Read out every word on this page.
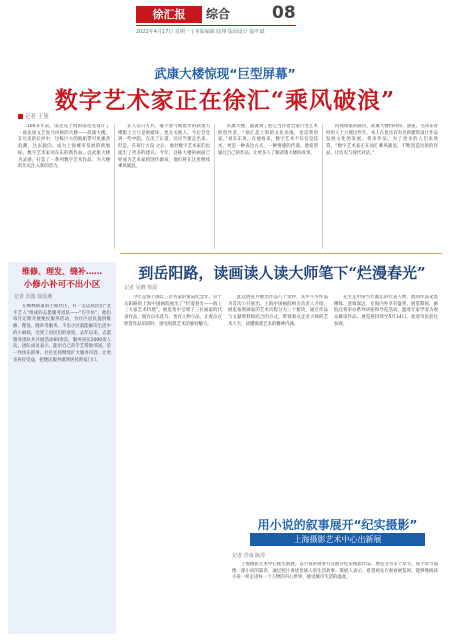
徐汇报	综合 08
2022年4月17日 星期一 | 本版编辑 陆翔 版面设计 陆叶斌
武康大楼惊现“巨型屏幕”
数字艺术家正在徐汇“乘风破浪”
记者 王旭

100多年前，邬达克上海的邬达克设计了一座法国文艺复兴风格的大楼——武康大楼。在历史的长河中，这栋巨大的航船带可风强劲浪潮，这去驶向，成为上海城市发展的新地标。数字艺术家刘东东的新作品，以武康大楼为灵感，打造了一系列数字艺术作品，为大楼的历史注入新的活力。

在人信日方兵，毫不客气地批评的武康大楼版上大厅是被破坏，也无关他人，今后会受到一些中阻，在出了正道，还应当要走出来。但是，在该行大设 之后，他对数字艺术家们也提出了更多的建议。今年，这栋大楼的画面已经成为艺术家的创作源泉，他们将在这里继续乘风破浪。

武康大楼，就就到了把它当作着全道行变艺术的创作者。“徐汇是上海的文化高地，也是我的家。”刘东东说。在他看来，数字艺术不仅仅是技术，更是一种表达方式，一种情感的传递。他希望通过自己的作品，让更多人了解武康大楼的故事。

持现保家的路径。武康大楼特回得，游道，毛泽东曾经的人士公理这些年，本人在也这有有名的建筑设计作品发展文化的发展。将来作品，为了更多的人们来欣赏。“数字艺术家正在徐汇乘风破浪，不断创造出新的作品，让历史与现代对话。”

维修、理发、缝补……
小修小补可不出小区
记者 沈波 徐晨燕

在枫林街道斜土路社区，有一支以居民们“老手艺人”组成的志愿服务团队——“巧手坊”。他们每月定期开展便民服务活动，为社区居民提供维修、理发、缝补等服务。不出小区就能解决生活中的小麻烦，受到了居民们的欢迎。去年以来，志愿服务团队共开展活动60余次，服务居民2000余人次。团队成员表示，能用自己的手艺帮助邻居，是一件快乐的事。社区还将继续扩大服务内容，让更多居民受益，把便民服务做到居民的家门口。

到岳阳路，读画读人读大师笔下“烂漫春光”
记者 吴晓 徐晨

今年是海上画坛三位名家的诞辰纪念年。位于岳阳路的上海中国画院展出了“烂漫春光——海上三大家艺术特展”。展览集中呈现了三位画家的代表作品，既有山水花鸟，也有人物小品，让观众在欣赏作品的同时，感受海派艺术的独特魅力。

此次展览共展出作品八十余件，其中不少作品为首次公开展出。上海中国画院相关负责人介绍，展览按照画家的艺术历程分为三个板块，通过作品与文献资料相结合的方式，带领观众走近大师的艺术人生，读懂海派艺术的精神内涵。

先生是中国当代画坛的代表人物，他的作品笔墨精练、意境深远，在海内外享有盛誉。展览期间，画院还将举办系列讲座和导览活动，邀请专家学者为观众解读作品。展览将持续至5月14日，欢迎市民前往参观。

用小说的叙事展开“纪实摄影”
上海摄影艺术中心出新展
记者 晋南 陈滢

上海摄影艺术中心推出新展，以小说的叙事方式展开纪实摄影作品。展览分为多个章节，每个章节都像一部小说的篇章，通过照片讲述普通人的生活故事。策展人表示，希望观众在观看展览时，能够像阅读小说一样走进每一个人物的内心世界，感受城市生活的温度。
